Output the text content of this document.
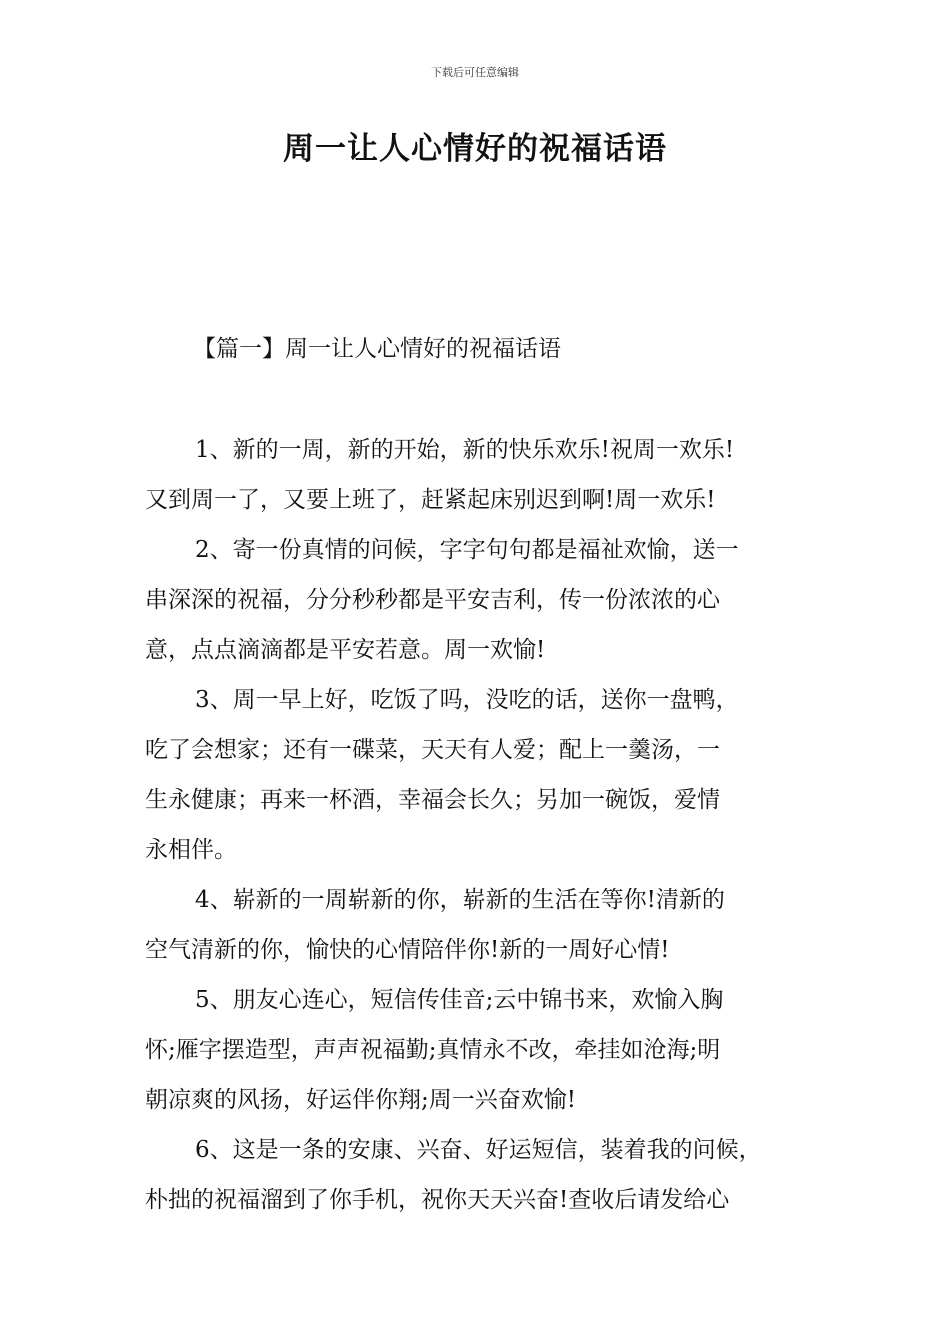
下载后可任意编辑
周一让人心情好的祝福话语
【篇一】周一让人心情好的祝福话语
1、新的一周，新的开始，新的快乐欢乐!祝周一欢乐!
又到周一了，又要上班了，赶紧起床别迟到啊!周一欢乐!
2、寄一份真情的问候，字字句句都是福祉欢愉，送一
串深深的祝福，分分秒秒都是平安吉利，传一份浓浓的心
意，点点滴滴都是平安若意。周一欢愉!
3、周一早上好，吃饭了吗，没吃的话，送你一盘鸭，
吃了会想家；还有一碟菜，天天有人爱；配上一羹汤，一
生永健康；再来一杯酒，幸福会长久；另加一碗饭，爱情
永相伴。
4、崭新的一周崭新的你，崭新的生活在等你!清新的
空气清新的你，愉快的心情陪伴你!新的一周好心情!
5、朋友心连心，短信传佳音;云中锦书来，欢愉入胸
怀;雁字摆造型，声声祝福勤;真情永不改，牵挂如沧海;明
朝凉爽的风扬，好运伴你翔;周一兴奋欢愉!
6、这是一条的安康、兴奋、好运短信，装着我的问候，
朴拙的祝福溜到了你手机，祝你天天兴奋!查收后请发给心
